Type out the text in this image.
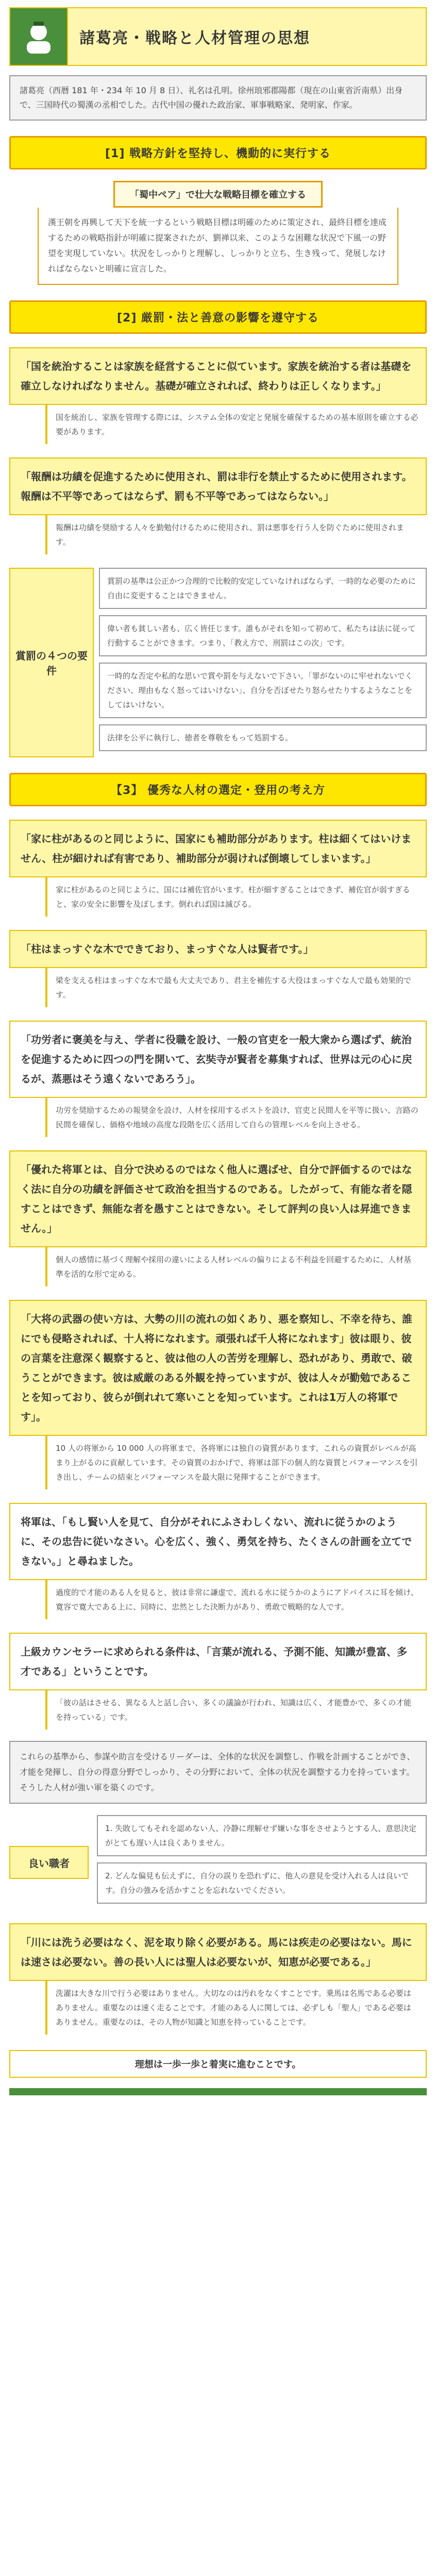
諸葛亮・戦略と人材管理の思想
諸葛亮（西暦 181 年・234 年 10 月 8 日）、礼名は孔明。徐州琅邪郡陽都（現在の山東省沂南県）出身で、三国時代の蜀漢の丞相でした。古代中国の優れた政治家、軍事戦略家、発明家、作家。
[1] 戦略方針を堅持し、機動的に実行する
「蜀中ペア」で壮大な戦略目標を確立する
漢王朝を再興して天下を統一するという戦略目標は明確のために策定され、最終目標を達成するための戦略指針が明確に提案されたが、劉禅以来、このような困難な状況で下風一の野望を実現していない。状況をしっかりと理解し、しっかりと立ち、生き残って、発展しなければならないと明確に宣言した。
[2] 厳罰・法と善意の影響を遵守する
「国を統治することは家族を経営することに似ています。家族を統治する者は基礎を確立しなければなりません。基礎が確立されれば、終わりは正しくなります。」
国を統治し、家族を管理する際には、システム全体の安定と発展を確保するための基本原則を確立する必要があります。
「報酬は功績を促進するために使用され、罰は非行を禁止するために使用されます。報酬は不平等であってはならず、罰も不平等であってはならない。」
報酬は功績を奨励する人々を勤勉付けるために使用され、罰は悪事を行う人を防ぐために使用されます。
賞罰の４つの要件
賞罰の基準は公正かつ合理的で比較的安定していなければならず、一時的な必要のために自由に変更することはできません。
偉い者も貧しい者も、広く皆任じます。誰もがそれを知って初めて、私たちは法に従って行動することができます。つまり、「教え方で、刑罰はこの次」です。
一時的な否定や私的な思いで賞や罰を与えないで下さい。「罪がないのに牢せれないでください、理由もなく怒ってはいけない」、自分を否ぼせたり怒らせたりするようなことをしてはいけない。
法律を公平に執行し、徳者を尊敬をもって処罰する。
【3】 優秀な人材の選定・登用の考え方
「家に柱があるのと同じように、国家にも補助部分があります。柱は細くてはいけません、柱が細ければ有害であり、補助部分が弱ければ倒壊してしまいます。」
家に柱があるのと同じように、国には補佐官がいます。柱が細すぎることはできず、補佐官が弱すぎると、家の安全に影響を及ぼします。倒れれば国は滅びる。
「柱はまっすぐな木でできており、まっすぐな人は賢者です。」
梁を支える柱はまっすぐな木で最も大丈夫であり、君主を補佐する大役はまっすぐな人で最も効果的です。
「功労者に褒美を与え、学者に役職を設け、一般の官吏を一般大衆から選ばず、統治を促進するために四つの門を開いて、玄奘寺が賢者を募集すれば、世界は元の心に戻るが、蒸悪はそう遠くないであろう」。
功労を奨励するための報奨金を設け、人材を採用するポストを設け、官吏と民間人を平等に扱い、言路の民間を確保し、価格や地域の高度な段階を広く活用して自らの管理レベルを向上させる。
「優れた将軍とは、自分で決めるのではなく他人に選ばせ、自分で評価するのではなく法に自分の功績を評価させて政治を担当するのである。したがって、有能な者を隠すことはできず、無能な者を愚すことはできない。そして評判の良い人は昇進できません。」
個人の感情に基づく理解や採用の違いによる人材レベルの偏りによる不利益を回避するために、人材基準を活的な形で定める。
「大将の武器の使い方は、大勢の川の流れの如くあり、悪を察知し、不幸を待ち、誰にでも侵略されれば、十人将になれます。頑張れば千人将になれます」彼は眼り、彼の言葉を注意深く観察すると、彼は他の人の苦労を理解し、恐れがあり、勇敢で、破うことができます。彼は威厳のある外観を持っていますが、彼は人々が勤勉であることを知っており、彼らが倒れれて寒いことを知っています。これは1万人の将軍です」。
10 人の将軍から 10 000 人の将軍まで、各将軍には独自の資質があります。これらの資質がレベルが高まり上がるのに貢献しています。その資質のおかげで、将軍は部下の個人的な資質とパフォーマンスを引き出し、チームの結束とパフォーマンスを最大限に発揮することができます。
将軍は、「もし賢い人を見て、自分がそれにふさわしくない、流れに従うかのように、その忠告に従いなさい。心を広く、強く、勇気を持ち、たくさんの計画を立てできない。」と尋ねました。
過度的で才能のある人を見ると、彼は非常に謙虚で、流れる水に従うかのようにアドバイスに耳を傾け、寛容で寛大である上に、同時に、忠然とした決断力があり、勇敢で戦略的な人です。
上級カウンセラーに求められる条件は、「言葉が流れる、予測不能、知識が豊富、多才である」ということです。
「彼の話はさせる、異なる人と話し合い、多くの議論が行われ、知識は広く、才能豊かで、多くの才能を持っている」です。
これらの基準から、参謀や助言を受けるリーダーは、全体的な状況を調整し、作戦を計画することができ、才能を発揮し、自分の得意分野でしっかり、その分野において、全体の状況を調整する力を持っています。そうした人材が強い軍を築くのです。
良い職者
1. 失敗してもそれを認めない人、冷静に理解せず嫌いな事をさせようとする人、意思決定がとても遅い人は良くありません。
2. どんな偏見も伝えずに、自分の誤りを恐れずに、他人の意見を受け入れる人は良いです。自分の強みを活かすことを忘れないでください。
「川には洗う必要はなく、泥を取り除く必要がある。馬には疾走の必要はない。馬には速さは必要ない。善の長い人には聖人は必要ないが、知恵が必要である。」
洗濯は大きな川で行う必要はありません。大切なのは汚れをなくすことです。乗馬は名馬である必要はありません。重要なのは速く走ることです。才能のある人に関しては、必ずしも「聖人」である必要はありません。重要なのは、その人物が知識と知恵を持っていることです。
理想は一歩一歩と着実に進むことです。
